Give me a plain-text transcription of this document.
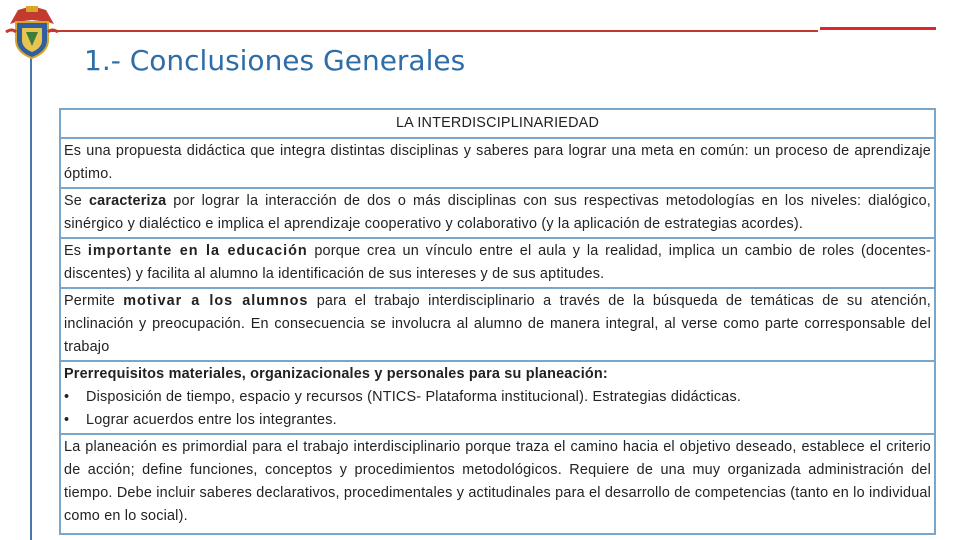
1.- Conclusiones Generales
LA INTERDISCIPLINARIEDAD
Es una propuesta didáctica que integra distintas disciplinas y saberes para lograr una meta en común: un proceso de aprendizaje óptimo.
Se caracteriza por lograr la interacción de dos o más disciplinas con sus respectivas metodologías en los niveles: dialógico, sinérgico y dialéctico e implica el aprendizaje cooperativo y colaborativo (y la aplicación de estrategias acordes).
Es importante en la educación porque crea un vínculo entre el aula y la realidad, implica un cambio de roles (docentes- discentes) y facilita al alumno la identificación de sus intereses y de sus aptitudes.
Permite motivar a los alumnos para el trabajo interdisciplinario a través de la búsqueda de temáticas de su atención, inclinación y preocupación. En consecuencia se involucra al alumno de manera integral, al verse como parte corresponsable del trabajo
Prerrequisitos materiales, organizacionales y personales para su planeación:
• Disposición de tiempo, espacio y recursos (NTICS- Plataforma institucional). Estrategias didácticas.
• Lograr acuerdos entre los integrantes.

La planeación es primordial para el trabajo interdisciplinario porque traza el camino hacia el objetivo deseado, establece el criterio de acción; define funciones, conceptos y procedimientos metodológicos. Requiere de una muy organizada administración del tiempo. Debe incluir saberes declarativos, procedimentales y actitudinales para el desarrollo de competencias (tanto en lo individual como en lo social).
